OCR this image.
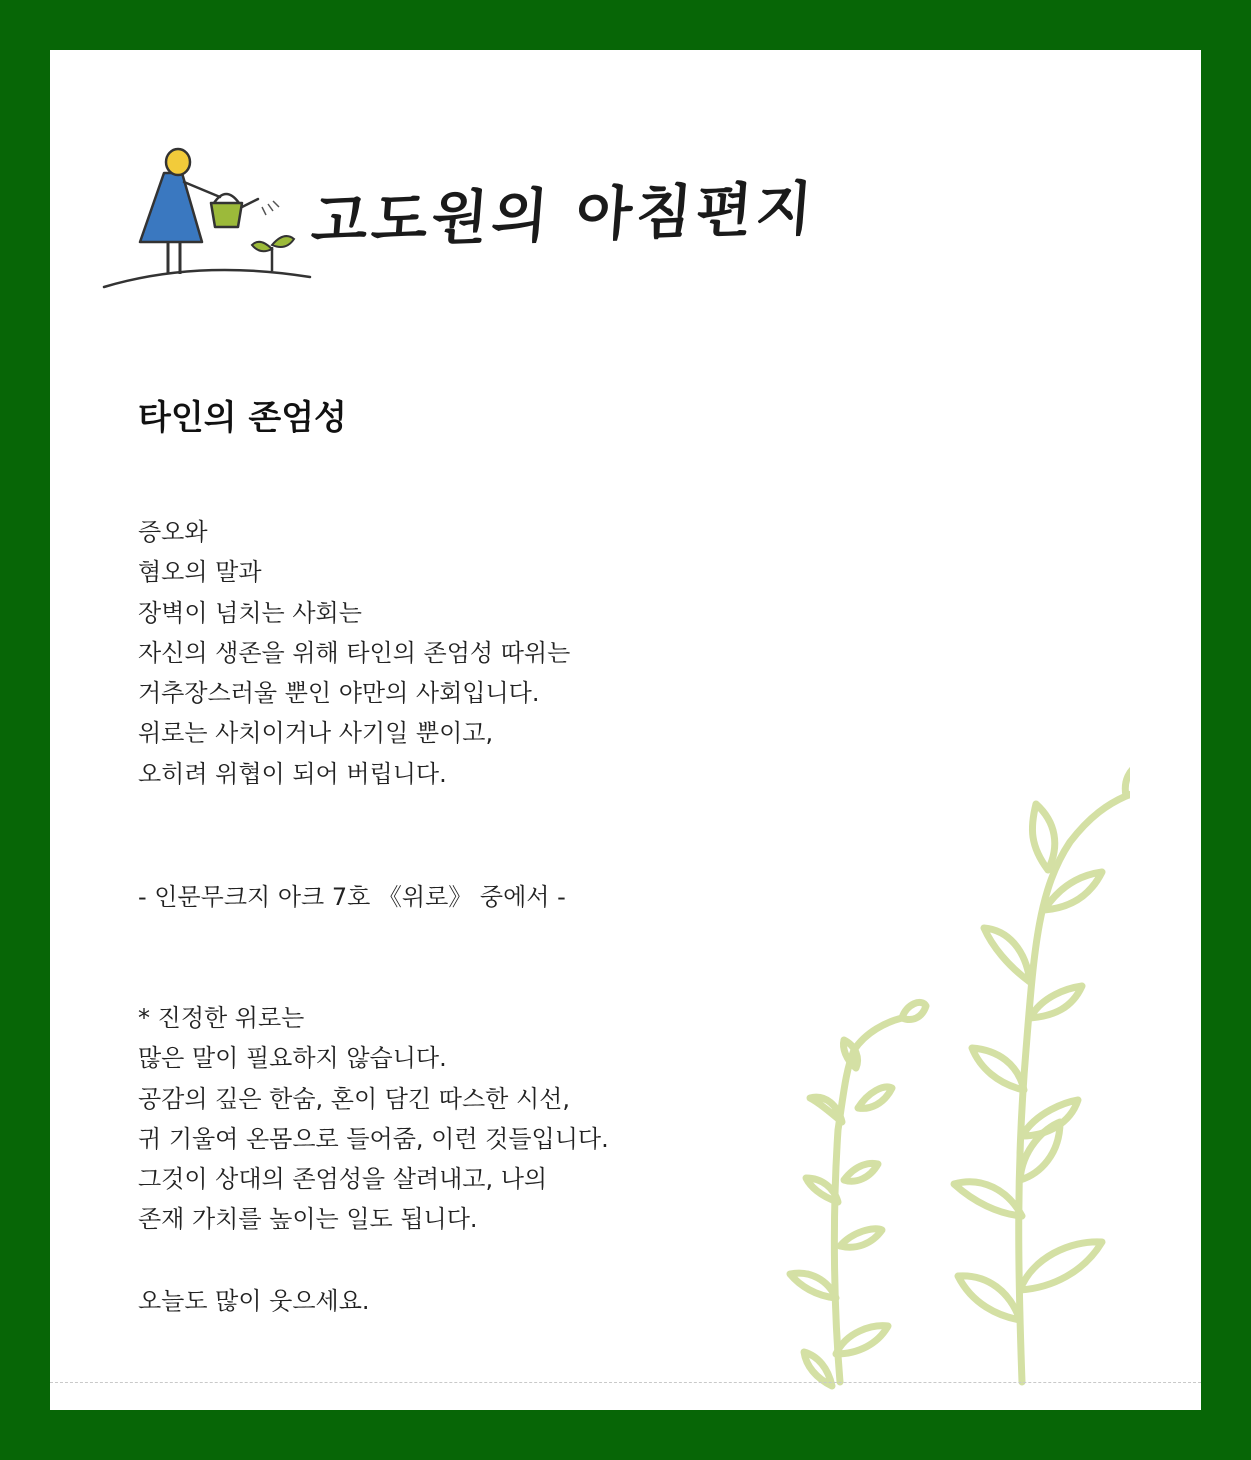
고도원의 아침편지
타인의 존엄성
증오와
혐오의 말과
장벽이 넘치는 사회는
자신의 생존을 위해 타인의 존엄성 따위는
거추장스러울 뿐인 야만의 사회입니다.
위로는 사치이거나 사기일 뿐이고,
오히려 위협이 되어 버립니다.
- 인문무크지 아크 7호 《위로》 중에서 -
* 진정한 위로는
많은 말이 필요하지 않습니다.
공감의 깊은 한숨, 혼이 담긴 따스한 시선,
귀 기울여 온몸으로 들어줌, 이런 것들입니다.
그것이 상대의 존엄성을 살려내고, 나의
존재 가치를 높이는 일도 됩니다.
오늘도 많이 웃으세요.
